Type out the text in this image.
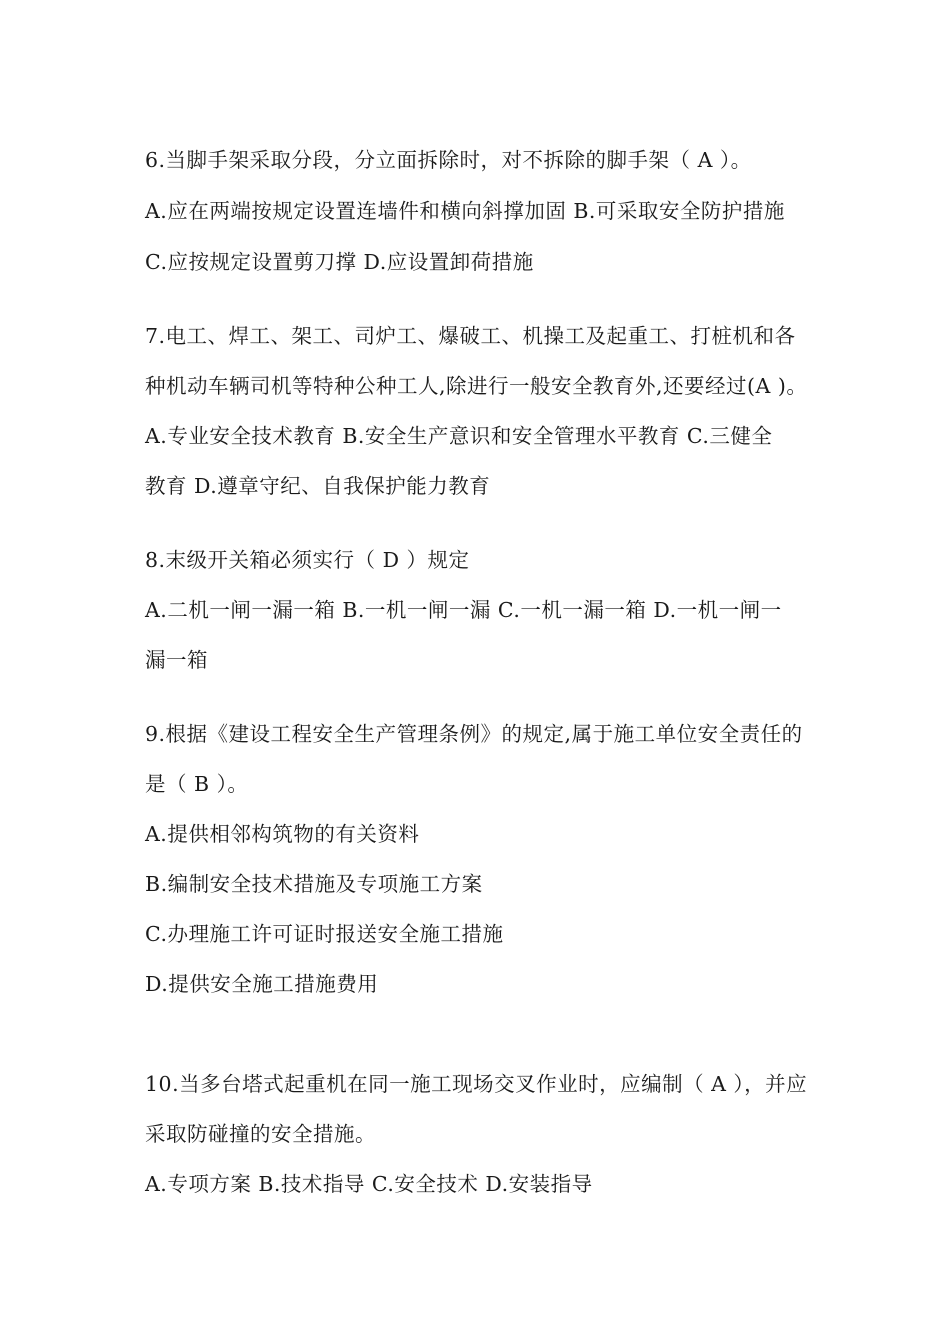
6.当脚手架采取分段，分立面拆除时，对不拆除的脚手架（ A ）。
A.应在两端按规定设置连墙件和横向斜撑加固 B.可采取安全防护措施
C.应按规定设置剪刀撑 D.应设置卸荷措施
7.电工、焊工、架工、司炉工、爆破工、机操工及起重工、打桩机和各
种机动车辆司机等特种公种工人,除进行一般安全教育外,还要经过(A )。
A.专业安全技术教育 B.安全生产意识和安全管理水平教育 C.三健全
教育 D.遵章守纪、自我保护能力教育
8.末级开关箱必须实行（ D ）规定
A.二机一闸一漏一箱 B.一机一闸一漏 C.一机一漏一箱 D.一机一闸一
漏一箱
9.根据《建设工程安全生产管理条例》的规定,属于施工单位安全责任的
是（ B ）。
A.提供相邻构筑物的有关资料
B.编制安全技术措施及专项施工方案
C.办理施工许可证时报送安全施工措施
D.提供安全施工措施费用
10.当多台塔式起重机在同一施工现场交叉作业时，应编制（ A ），并应
采取防碰撞的安全措施。
A.专项方案 B.技术指导 C.安全技术 D.安装指导
